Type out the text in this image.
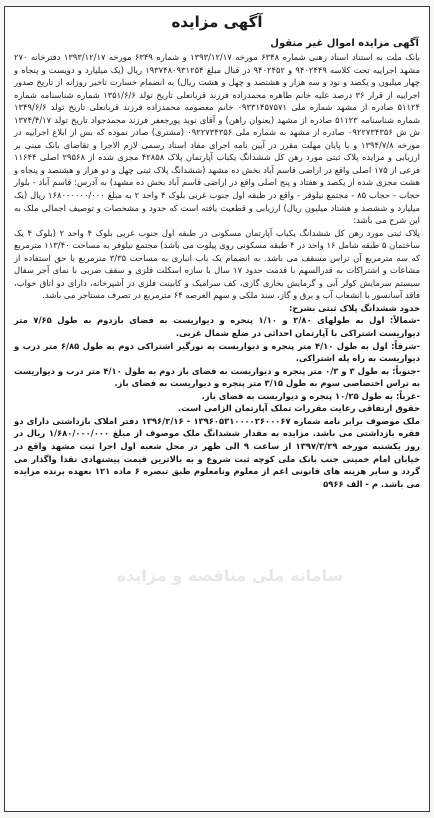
آگهی مزایده
آگهی مزایده اموال غیر منقول

بانک ملت به استناد اسناد رهنی شماره ۶۳۴۸ مورخه ۱۳۹۳/۱۲/۱۷ و شماره ۶۳۴۹ مورخه ۱۳۹۳/۱۲/۱۷ دفترخانه ۲۷۰ مشهد اجراییه تحت کلاسه ۹۴۰۲۴۴۹ و ۹۴۰۲۴۵۲ در قبال مبلغ ۱۹۳۷۴۸۰۹۳۱۲۵۴ ریال (یک میلیارد و دویست و پنجاه و چهار میلیون و یکصد و نود و سه هزار و هشتصد و چهل و هشت ریال) به انضمام خسارت تاخیر روزانه از تاریخ صدور اجراییه از قرار ۳۶ درصد علیه خانم طاهره محمدزاده فرزند قربانعلی تاریخ تولد ۱۳۵۱/۶/۶ شماره شناسنامه شماره ۵۱۱۲۴ صادره از مشهد شماره ملی ۰۹۳۳۱۴۵۷۵۷۱ خانم معصومه محمدزاده فرزند قربانعلی تاریخ تولد ۱۳۴۹/۶/۶ شماره شناسنامه ۵۱۱۲۳ صادره از مشهد (یعنوان راهن) و آقای نوید پورجعفر فرزند محمدجواد تاریخ تولد ۱۳۷۴/۴/۱۷ ش ش ۰۹۲۲۷۳۴۳۵۶ صادره از مشهد به شماره ملی ۰۹۲۲۷۳۴۳۵۶ (مشتری) صادر نموده که بس از ابلاغ اجراییه در مورخه ۱۳۹۴/۷/۸ و با پایان مهلت مقرر در آیین نامه اجرای مفاد اسناد رسمی لازم الاجرا و تقاضای بانک مبنی بر ارزیابی و مزایده پلاک ثبتی مورد رهن کل ششدانگ یکباب آپارتمان پلاک ۴۲۸۵۸ مجزی شده از ۲۹۵۶۸ اصلی ۱۱۶۴۴ فرعی از ۱۷۵ اصلی واقع در اراضی قاسم آباد بخش ده مشهد (ششدانگ پلاک ثبتی چهل و دو هزار و هشتصد و پنجاه و هشت مجزی شده از یکصد و هفتاد و پنج اصلی واقع در اراضی قاسم آباد بخش ده مشهد) به آدرس: قاسم آباد - بلوار حجاب - حجاب ۸۵ - مجتمع نیلوفر - واقع در طبقه اول جنوب غربی بلوک ۴ واحد ۲ به مبلغ ۱۶۸۰۰۰۰۰۰/۰۰۰ ریال (یک میلیارد و ششصد و هشتاد میلیون ریال) ارزیابی و قطعیت یافته است که حدود و مشخصات و توصیف اجمالی ملک به این شرح می باشد:

پلاک ثبتی مورد رهن کل ششدانگ یکباب آپارتمان مسکونی در طبقه اول جنوب غربی بلوک ۴ واحد ۲ (بلوک ۴ یک ساختمان ۵ طبقه شامل ۱۶ واحد در ۴ طبقه مسکونی روی پیلوت می باشد) مجتمع نیلوفر به مساحت ۱۱۳/۴۰ مترمربع که سه مترمربع آن تراس مسقف می باشد. به انضمام یک باب انباری به مساحت ۳/۳۵ مترمربع با حق استفاده از مشاعات و اشتراکات به قدرالسهم با قدمت حدود ۱۷ سال با سازه اسکلت فلزی و سقف ضربی با نمای آجر سفال سیستم سرمایش کولر آبی و گرمایش بخاری گازی، کف سرامیک و کابینت فلزی در آشپزخانه، دارای دو اتاق خواب، فاقد آسانسور با انشعاب آب و برق و گاز، سند ملکی و سهم العرصه ۶۴ مترمربع در تصرف مستاجر می باشد.

حدود ششدانگ پلاک ثبتی بشرح:

-شمالاً: اول به طولهای ۲/۸۰ و ۱/۱۰ پنجره و دیواریست به فضای بازدوم به طول ۷/۶۵ متر دیواریست اشتراکی با آپارتمان احداثی در ضلع شمال غربی.

-شرقاً: اول به طول ۴/۱۰ متر پنجره و دیواریست به نورگیر اشتراکی دوم به طول ۶/۸۵ متر درب و دیواریست به راه پله اشتراکی.

-جنوباً: به طول ۳ و ۰/۳ متر پنجره و دیواریست به فضای باز دوم به طول ۴/۱۰ متر درب و دیواریست به تراس اختصاصی سوم به طول ۳/۱۵ متر پنجره و دیواریست به فضای باز.

-غرباً: به طول ۱۰/۲۵ پنجره و دیواریست به فضای باز.

حقوق ارتفاقی رعایت مقررات تملک آپارتمان الزامی است.

ملک موصوف برابر نامه شماره ۱۳۹۶۰۵۳۱۰۰۰۰۲۶۰۰۰۶۷ - ۱۳۹۶/۲/۱۶ دفتر املاک بازداشتی دارای دو فقره بازداشتی می باشد. مزایده به مقدار ششدانگ ملک موصوف از مبلغ ۱/۶۸۰/۰۰۰/۰۰۰ ریال در روز یکشنبه مورخه ۱۳۹۷/۳/۲۹ از ساعت ۹ الی ظهر در محل شعبه اول اجرا ثبت مشهد واقع در خیابان امام خمینی جنب بانک ملی کوچه ثبت شروع و به بالاترین قیمت پیشنهادی نقدا واگذار می گردد و سایر هزینه های قانونی اعم از معلوم ونامعلوم طبق تبصره ۶ ماده ۱۲۱ بعهده برنده مزایده می باشد. م - الف ۵۹۶۶
